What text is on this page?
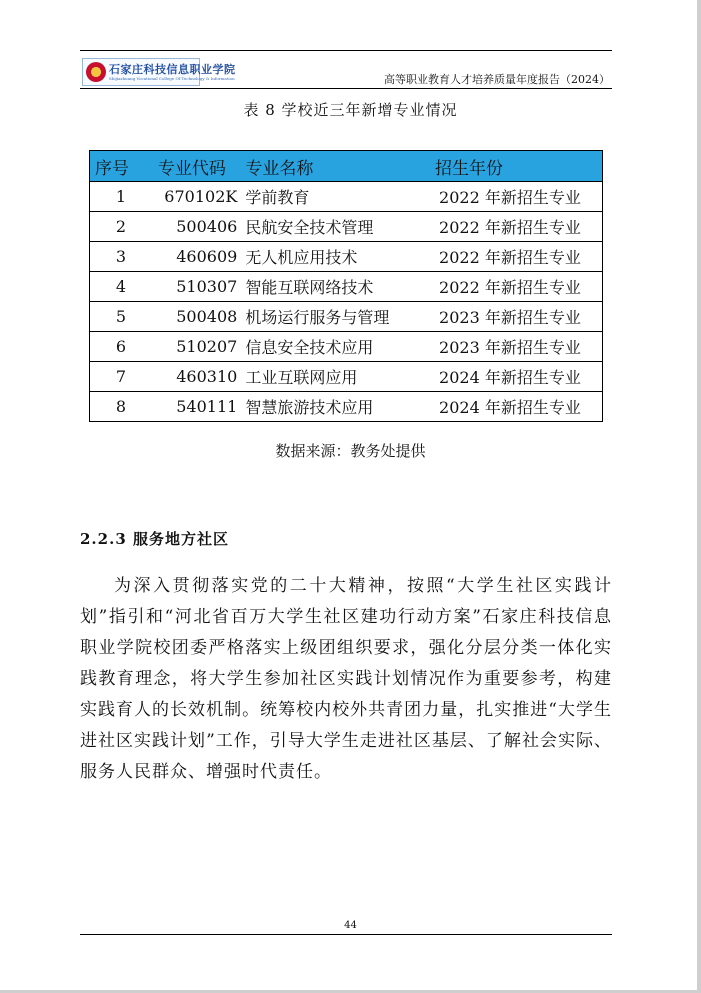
石家庄科技信息职业学院
Shijiazhuang Vocational College Of Technology & Information	高等职业教育人才培养质量年度报告（2024）
表 8 学校近三年新增专业情况
序号	专业代码	专业名称	招生年份
1	670102K	学前教育	2022 年新招生专业
2	500406	民航安全技术管理	2022 年新招生专业
3	460609	无人机应用技术	2022 年新招生专业
4	510307	智能互联网络技术	2022 年新招生专业
5	500408	机场运行服务与管理	2023 年新招生专业
6	510207	信息安全技术应用	2023 年新招生专业
7	460310	工业互联网应用	2024 年新招生专业
8	540111	智慧旅游技术应用	2024 年新招生专业
数据来源：教务处提供
2.2.3 服务地方社区

为深入贯彻落实党的二十大精神，按照“大学生社区实践计划”指引和“河北省百万大学生社区建功行动方案”石家庄科技信息职业学院校团委严格落实上级团组织要求，强化分层分类一体化实践教育理念，将大学生参加社区实践计划情况作为重要参考，构建实践育人的长效机制。统筹校内校外共青团力量，扎实推进“大学生进社区实践计划”工作，引导大学生走进社区基层、了解社会实际、服务人民群众、增强时代责任。

44
